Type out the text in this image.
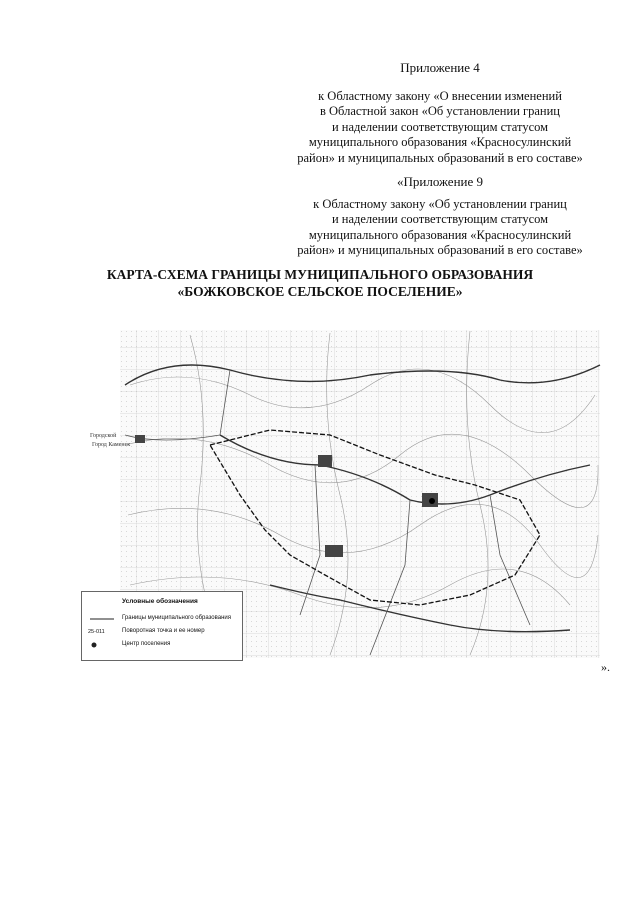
Приложение 4
к Областному закону «О внесении изменений
в Областной закон «Об установлении границ
и наделении соответствующим статусом
муниципального образования «Красносулинский
район» и муниципальных образований в его составе»
«Приложение 9
к Областному закону «Об установлении границ
и наделении соответствующим статусом
муниципального образования «Красносулинский
район» и муниципальных образований в его составе»
КАРТА-СХЕМА ГРАНИЦЫ МУНИЦИПАЛЬНОГО ОБРАЗОВАНИЯ
«БОЖКОВСКОЕ СЕЛЬСКОЕ ПОСЕЛЕНИЕ»
Городской
Город Каменск
Условные обозначения
Границы муниципального образования
25-011	Поворотная точка и ее номер
Центр поселения
».
